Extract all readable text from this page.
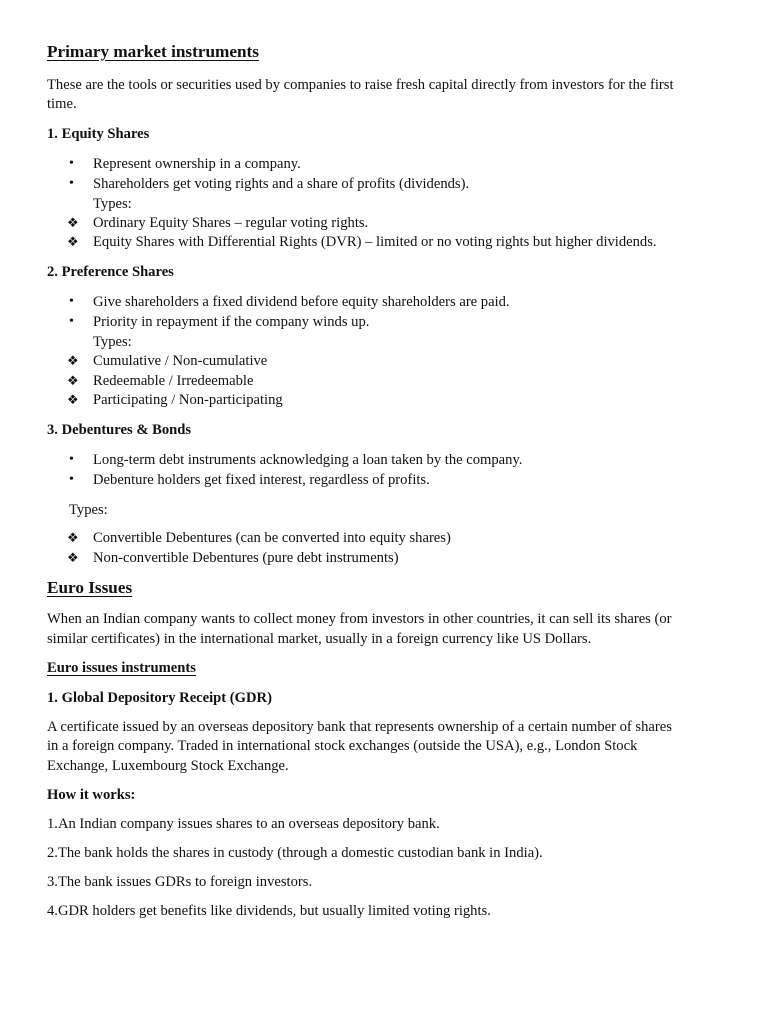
Primary market instruments
These are the tools or securities used by companies to raise fresh capital directly from investors for the first
time.
1. Equity Shares
•	Represent ownership in a company.
•	Shareholders get voting rights and a share of profits (dividends).
Types:
❖ Ordinary Equity Shares – regular voting rights.
❖ Equity Shares with Differential Rights (DVR) – limited or no voting rights but higher dividends.
2. Preference Shares
•	Give shareholders a fixed dividend before equity shareholders are paid.
•	Priority in repayment if the company winds up.
Types:
❖ Cumulative / Non-cumulative
❖ Redeemable / Irredeemable
❖ Participating / Non-participating
3. Debentures & Bonds
•	Long-term debt instruments acknowledging a loan taken by the company.
•	Debenture holders get fixed interest, regardless of profits.
Types:
❖ Convertible Debentures (can be converted into equity shares)
❖ Non-convertible Debentures (pure debt instruments)
Euro Issues
When an Indian company wants to collect money from investors in other countries, it can sell its shares (or
similar certificates) in the international market, usually in a foreign currency like US Dollars.
Euro issues instruments
1. Global Depository Receipt (GDR)
A certificate issued by an overseas depository bank that represents ownership of a certain number of shares
in a foreign company. Traded in international stock exchanges (outside the USA), e.g., London Stock
Exchange, Luxembourg Stock Exchange.
How it works:
1.An Indian company issues shares to an overseas depository bank.
2.The bank holds the shares in custody (through a domestic custodian bank in India).
3.The bank issues GDRs to foreign investors.
4.GDR holders get benefits like dividends, but usually limited voting rights.
